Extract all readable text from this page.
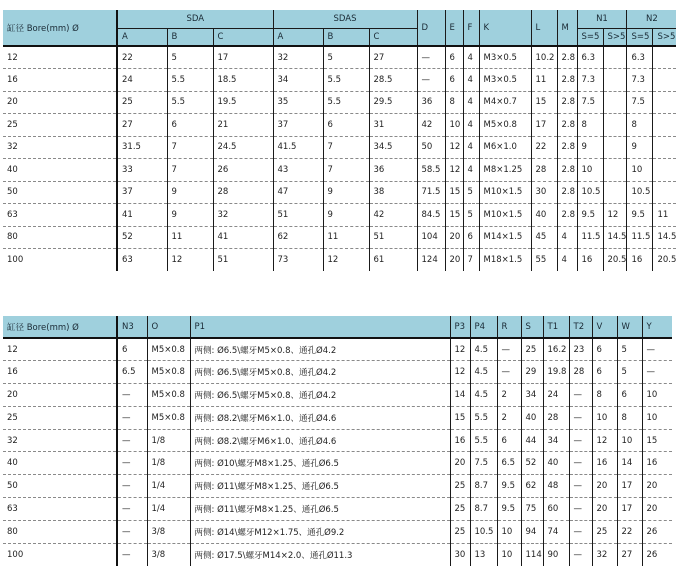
缸径 Bore(mm) Ø	SDA			SDAS			D	E	F	K	L	M	N1		N2	
	A	B	C	A	B	C							S=5	S>5	S=5	S>5
12	22	5	17	32	5	27	—	6	4	M3×0.5	10.2	2.8	6.3		6.3	
16	24	5.5	18.5	34	5.5	28.5	—	6	4	M3×0.5	11	2.8	7.3		7.3	
20	25	5.5	19.5	35	5.5	29.5	36	8	4	M4×0.7	15	2.8	7.5		7.5	
25	27	6	21	37	6	31	42	10	4	M5×0.8	17	2.8	8		8	
32	31.5	7	24.5	41.5	7	34.5	50	12	4	M6×1.0	22	2.8	9		9	
40	33	7	26	43	7	36	58.5	12	4	M8×1.25	28	2.8	10		10	
50	37	9	28	47	9	38	71.5	15	5	M10×1.5	30	2.8	10.5		10.5	
63	41	9	32	51	9	42	84.5	15	5	M10×1.5	40	2.8	9.5	12	9.5	11
80	52	11	41	62	11	51	104	20	6	M14×1.5	45	4	11.5	14.5	11.5	14.5
100	63	12	51	73	12	61	124	20	7	M18×1.5	55	4	16	20.5	16	20.5
缸径 Bore(mm) Ø	N3	O	P1	P3	P4	R	S	T1	T2	V	W	Y
12	6	M5×0.8	两侧: Ø6.5\螺牙M5×0.8、通孔Ø4.2	12	4.5	—	25	16.2	23	6	5	—
16	6.5	M5×0.8	两侧: Ø6.5\螺牙M5×0.8、通孔Ø4.2	12	4.5	—	29	19.8	28	6	5	—
20	—	M5×0.8	两侧: Ø6.5\螺牙M5×0.8、通孔Ø4.2	14	4.5	2	34	24	—	8	6	10
25	—	M5×0.8	两侧: Ø8.2\螺牙M6×1.0、通孔Ø4.6	15	5.5	2	40	28	—	10	8	10
32	—	1/8	两侧: Ø8.2\螺牙M6×1.0、通孔Ø4.6	16	5.5	6	44	34	—	12	10	15
40	—	1/8	两侧: Ø10\螺牙M8×1.25、通孔Ø6.5	20	7.5	6.5	52	40	—	16	14	16
50	—	1/4	两侧: Ø11\螺牙M8×1.25、通孔Ø6.5	25	8.7	9.5	62	48	—	20	17	20
63	—	1/4	两侧: Ø11\螺牙M8×1.25、通孔Ø6.5	25	8.7	9.5	75	60	—	20	17	20
80	—	3/8	两侧: Ø14\螺牙M12×1.75、通孔Ø9.2	25	10.5	10	94	74	—	25	22	26
100	—	3/8	两侧: Ø17.5\螺牙M14×2.0、通孔Ø11.3	30	13	10	114	90	—	32	27	26
